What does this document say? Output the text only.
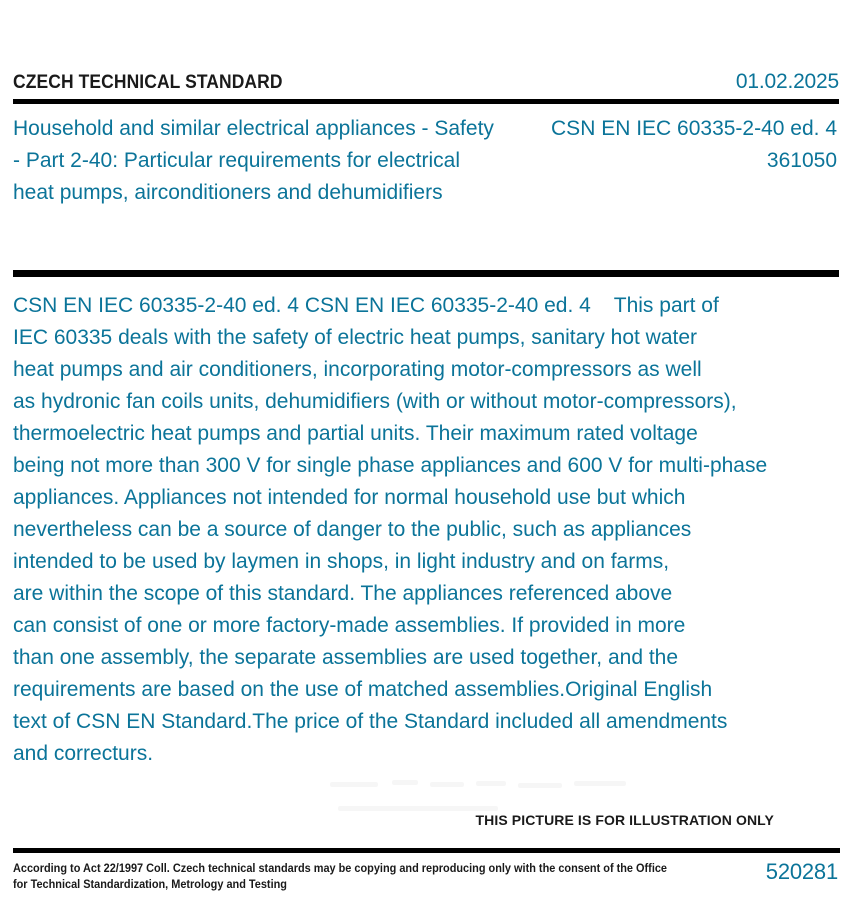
CZECH TECHNICAL STANDARD	01.02.2025
Household and similar electrical appliances - Safety
- Part 2-40: Particular requirements for electrical
heat pumps, airconditioners and dehumidifiers
CSN EN IEC 60335-2-40 ed. 4
361050
CSN EN IEC 60335-2-40 ed. 4 CSN EN IEC 60335-2-40 ed. 4    This part of
IEC 60335 deals with the safety of electric heat pumps, sanitary hot water
heat pumps and air conditioners, incorporating motor-compressors as well
as hydronic fan coils units, dehumidifiers (with or without motor-compressors),
thermoelectric heat pumps and partial units. Their maximum rated voltage
being not more than 300 V for single phase appliances and 600 V for multi-phase
appliances. Appliances not intended for normal household use but which
nevertheless can be a source of danger to the public, such as appliances
intended to be used by laymen in shops, in light industry and on farms,
are within the scope of this standard. The appliances referenced above
can consist of one or more factory-made assemblies. If provided in more
than one assembly, the separate assemblies are used together, and the
requirements are based on the use of matched assemblies.Original English
text of CSN EN Standard.The price of the Standard included all amendments
and correcturs.
THIS PICTURE IS FOR ILLUSTRATION ONLY
According to Act 22/1997 Coll. Czech technical standards may be copying and reproducing only with the consent of the Office
for Technical Standardization, Metrology and Testing
520281
